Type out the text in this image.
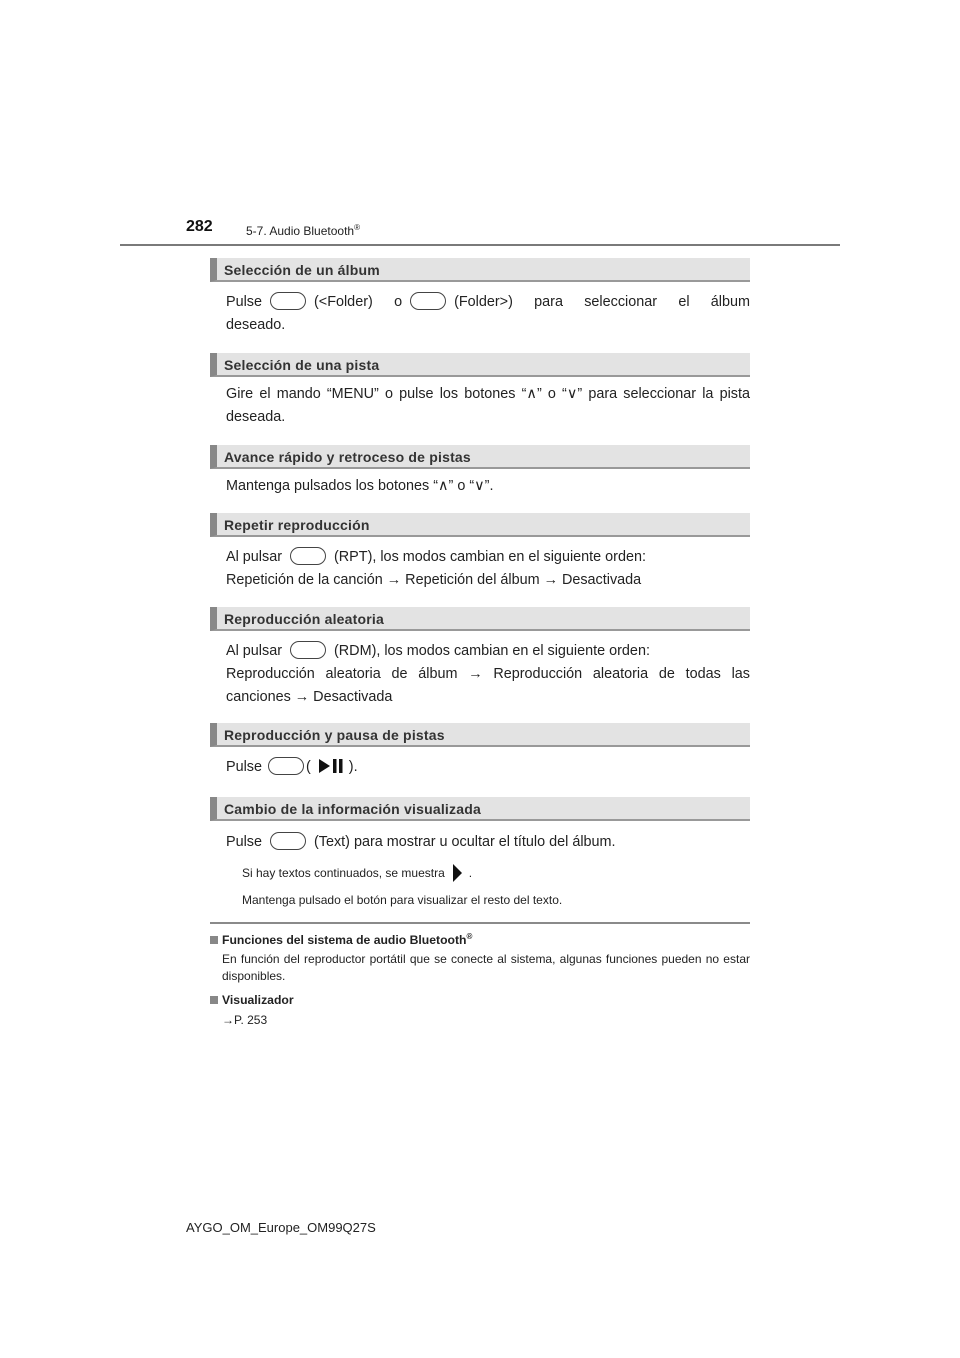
282	5-7. Audio Bluetooth®
Selección de un álbum
Pulse	(<Folder) o	(Folder>) para seleccionar el álbum
deseado.
Selección de una pista
Gire el mando “MENU” o pulse los botones “∧” o “∨” para seleccionar la pista
deseada.
Avance rápido y retroceso de pistas
Mantenga pulsados los botones “∧” o “∨”.
Repetir reproducción
Al pulsar	(RPT), los modos cambian en el siguiente orden:
Repetición de la canción → Repetición del álbum → Desactivada
Reproducción aleatoria
Al pulsar	(RDM), los modos cambian en el siguiente orden:
Reproducción aleatoria de álbum → Reproducción aleatoria de todas las
canciones → Desactivada
Reproducción y pausa de pistas
Pulse	(	).
Cambio de la información visualizada
Pulse	(Text) para mostrar u ocultar el título del álbum.
Si hay textos continuados, se muestra .
Mantenga pulsado el botón para visualizar el resto del texto.
Funciones del sistema de audio Bluetooth®
En función del reproductor portátil que se conecte al sistema, algunas funciones pueden no estar disponibles.
Visualizador
→P. 253
AYGO_OM_Europe_OM99Q27S
